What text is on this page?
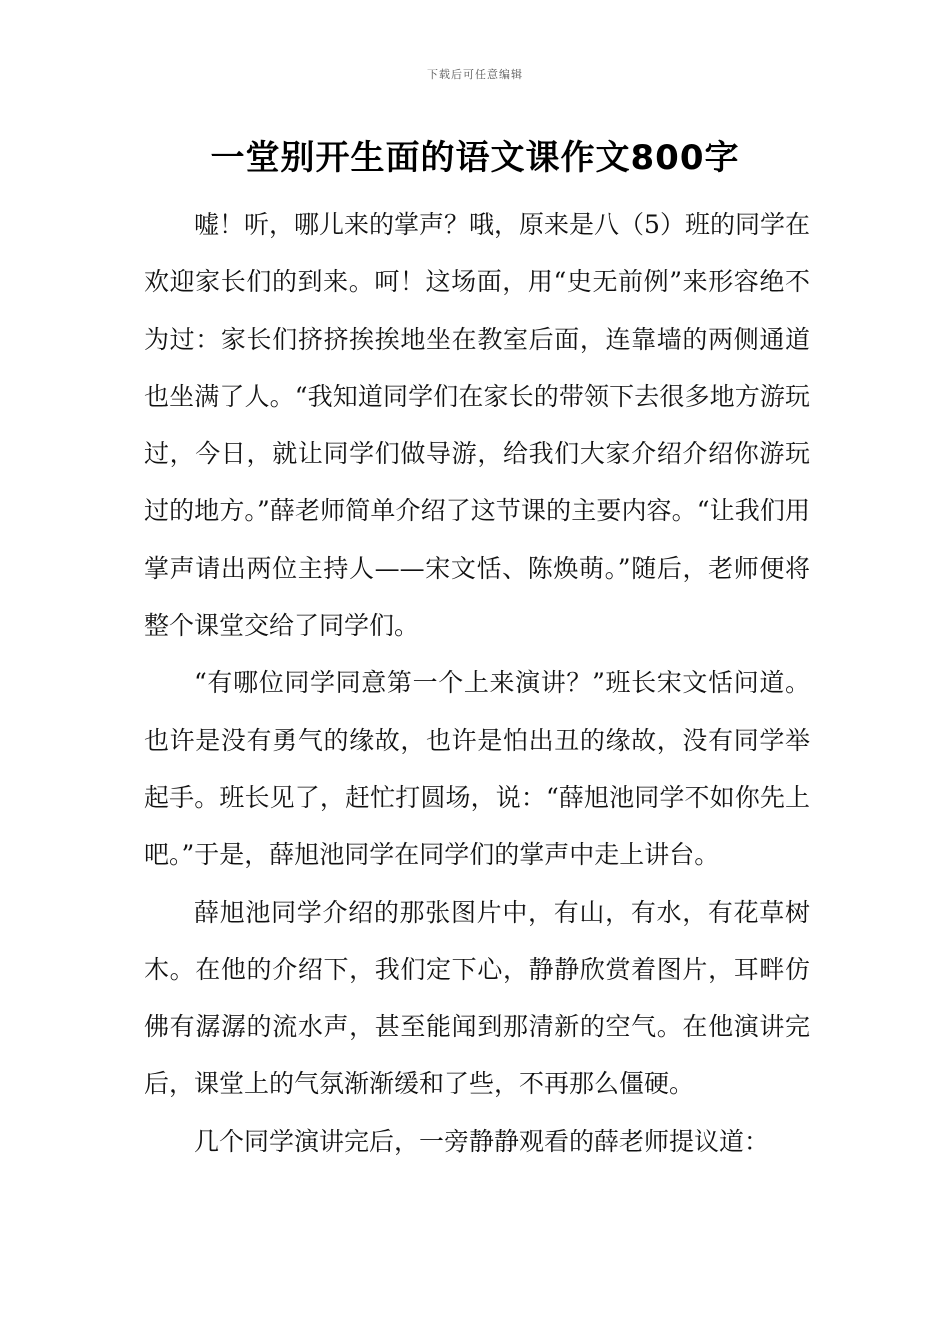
下载后可任意编辑
一堂别开生面的语文课作文800字

嘘！听，哪儿来的掌声？哦，原来是八（5）班的同学在欢迎家长们的到来。呵！这场面，用“史无前例”来形容绝不为过：家长们挤挤挨挨地坐在教室后面，连靠墙的两侧通道也坐满了人。“我知道同学们在家长的带领下去很多地方游玩过，今日，就让同学们做导游，给我们大家介绍介绍你游玩过的地方。”薛老师简单介绍了这节课的主要内容。“让我们用掌声请出两位主持人——宋文恬、陈焕萌。”随后，老师便将整个课堂交给了同学们。

“有哪位同学同意第一个上来演讲？”班长宋文恬问道。也许是没有勇气的缘故，也许是怕出丑的缘故，没有同学举起手。班长见了，赶忙打圆场，说：“薛旭池同学不如你先上吧。”于是，薛旭池同学在同学们的掌声中走上讲台。

薛旭池同学介绍的那张图片中，有山，有水，有花草树木。在他的介绍下，我们定下心，静静欣赏着图片，耳畔仿佛有潺潺的流水声，甚至能闻到那清新的空气。在他演讲完后，课堂上的气氛渐渐缓和了些，不再那么僵硬。

几个同学演讲完后，一旁静静观看的薛老师提议道：
